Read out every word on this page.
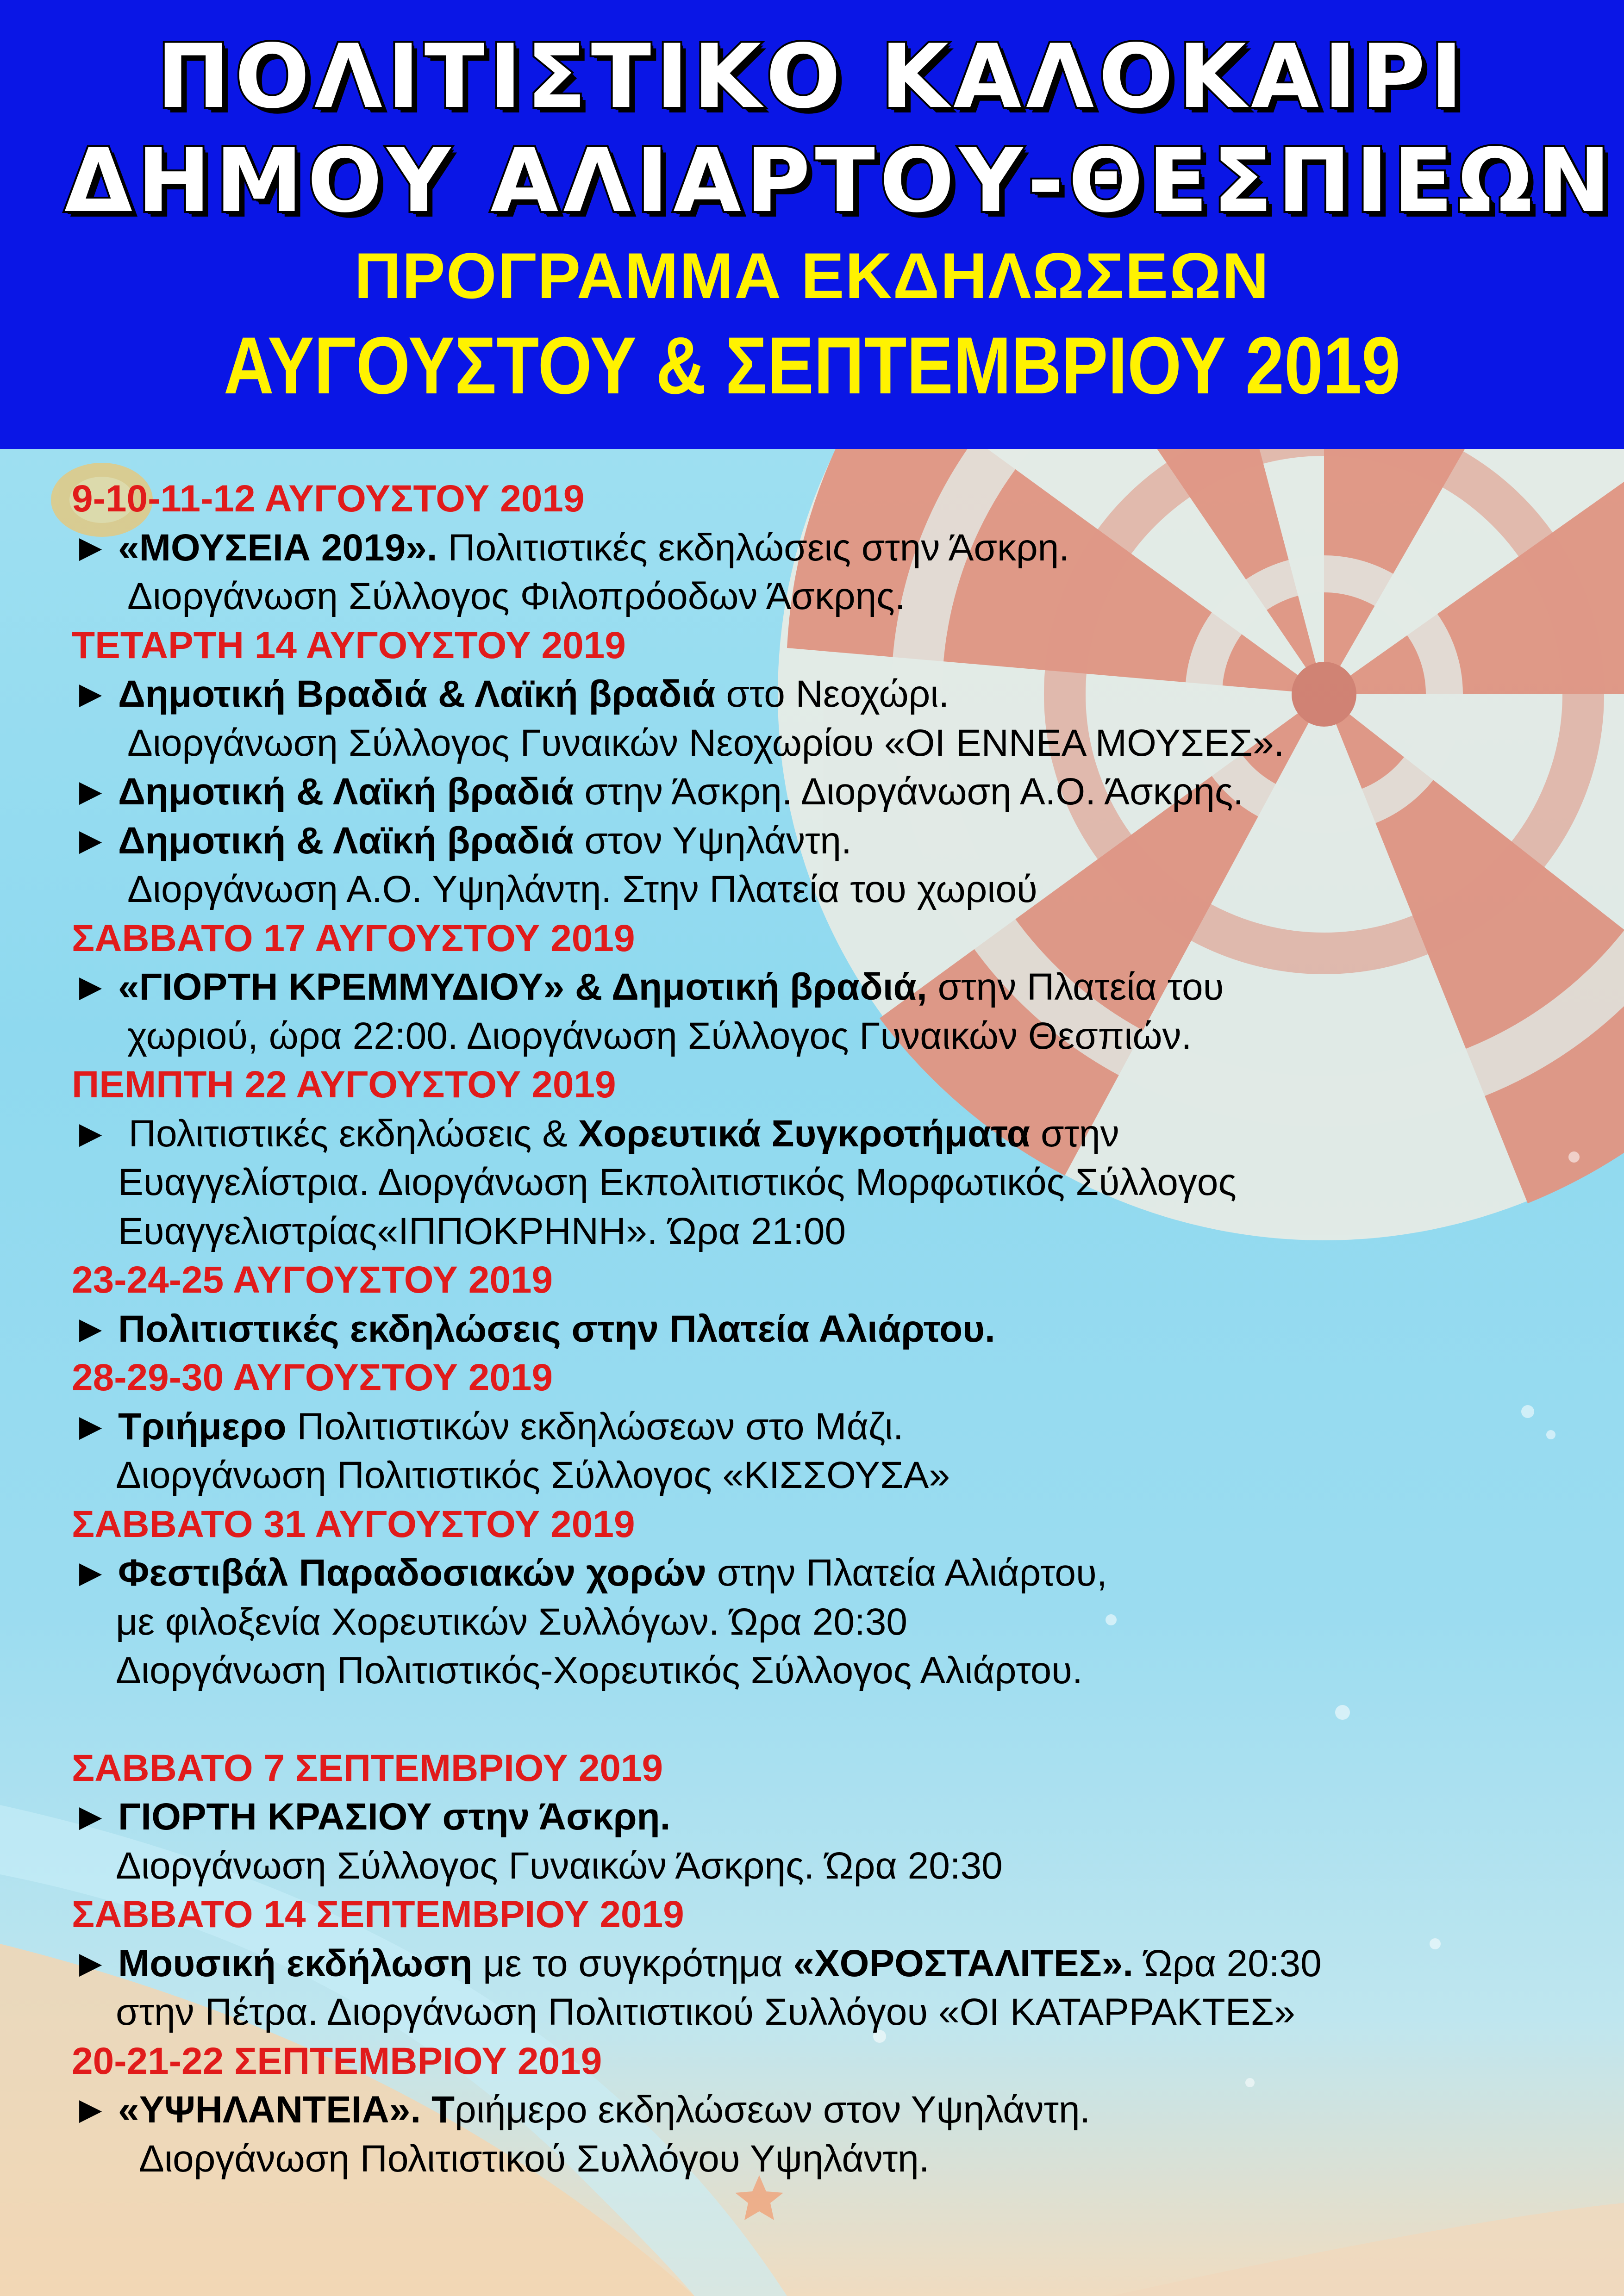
ΠΟΛΙΤΙΣΤΙΚΟ ΚΑΛΟΚΑΙΡΙ
ΔΗΜΟΥ ΑΛΙΑΡΤΟΥ-ΘΕΣΠΙΕΩΝ
ΠΡΟΓΡΑΜΜΑ ΕΚΔΗΛΩΣΕΩΝ
ΑΥΓΟΥΣΤΟΥ & ΣΕΠΤΕΜΒΡΙΟΥ 2019
9-10-11-12 ΑΥΓΟΥΣΤΟΥ 2019
► «ΜΟΥΣΕΙΑ 2019». Πολιτιστικές εκδηλώσεις στην Άσκρη.
Διοργάνωση Σύλλογος Φιλοπρόοδων Άσκρης.
ΤΕΤΑΡΤΗ 14 ΑΥΓΟΥΣΤΟΥ 2019
► Δημοτική Βραδιά & Λαϊκή βραδιά στο Νεοχώρι.
Διοργάνωση Σύλλογος Γυναικών Νεοχωρίου «ΟΙ ΕΝΝΕΑ ΜΟΥΣΕΣ».
► Δημοτική & Λαϊκή βραδιά στην Άσκρη. Διοργάνωση Α.Ο. Άσκρης.
► Δημοτική & Λαϊκή βραδιά στον Υψηλάντη.
Διοργάνωση Α.Ο. Υψηλάντη. Στην Πλατεία του χωριού
ΣΑΒΒΑΤΟ 17 ΑΥΓΟΥΣΤΟΥ 2019
► «ΓΙΟΡΤΗ ΚΡΕΜΜΥΔΙΟΥ» & Δημοτική βραδιά, στην Πλατεία του
χωριού, ώρα 22:00. Διοργάνωση Σύλλογος Γυναικών Θεσπιών.
ΠΕΜΠΤΗ 22 ΑΥΓΟΥΣΤΟΥ 2019
► Πολιτιστικές εκδηλώσεις & Χορευτικά Συγκροτήματα στην
Ευαγγελίστρια. Διοργάνωση Εκπολιτιστικός Μορφωτικός Σύλλογος
Ευαγγελιστρίας«ΙΠΠΟΚΡΗΝΗ». Ώρα 21:00
23-24-25 ΑΥΓΟΥΣΤΟΥ 2019
► Πολιτιστικές εκδηλώσεις στην Πλατεία Αλιάρτου.
28-29-30 ΑΥΓΟΥΣΤΟΥ 2019
► Τριήμερο Πολιτιστικών εκδηλώσεων στο Μάζι.
Διοργάνωση Πολιτιστικός Σύλλογος «ΚΙΣΣΟΥΣΑ»
ΣΑΒΒΑΤΟ 31 ΑΥΓΟΥΣΤΟΥ 2019
► Φεστιβάλ Παραδοσιακών χορών στην Πλατεία Αλιάρτου,
με φιλοξενία Χορευτικών Συλλόγων. Ώρα 20:30
Διοργάνωση Πολιτιστικός-Χορευτικός Σύλλογος Αλιάρτου.
ΣΑΒΒΑΤΟ 7 ΣΕΠΤΕΜΒΡΙΟΥ 2019
► ΓΙΟΡΤΗ ΚΡΑΣΙΟΥ στην Άσκρη.
Διοργάνωση Σύλλογος Γυναικών Άσκρης. Ώρα 20:30
ΣΑΒΒΑΤΟ 14 ΣΕΠΤΕΜΒΡΙΟΥ 2019
► Μουσική εκδήλωση με το συγκρότημα «ΧΟΡΟΣΤΑΛΙΤΕΣ». Ώρα 20:30
στην Πέτρα. Διοργάνωση Πολιτιστικού Συλλόγου «ΟΙ ΚΑΤΑΡΡΑΚΤΕΣ»
20-21-22 ΣΕΠΤΕΜΒΡΙΟΥ 2019
► «ΥΨΗΛΑΝΤΕΙΑ». Τριήμερο εκδηλώσεων στον Υψηλάντη.
Διοργάνωση Πολιτιστικού Συλλόγου Υψηλάντη.
